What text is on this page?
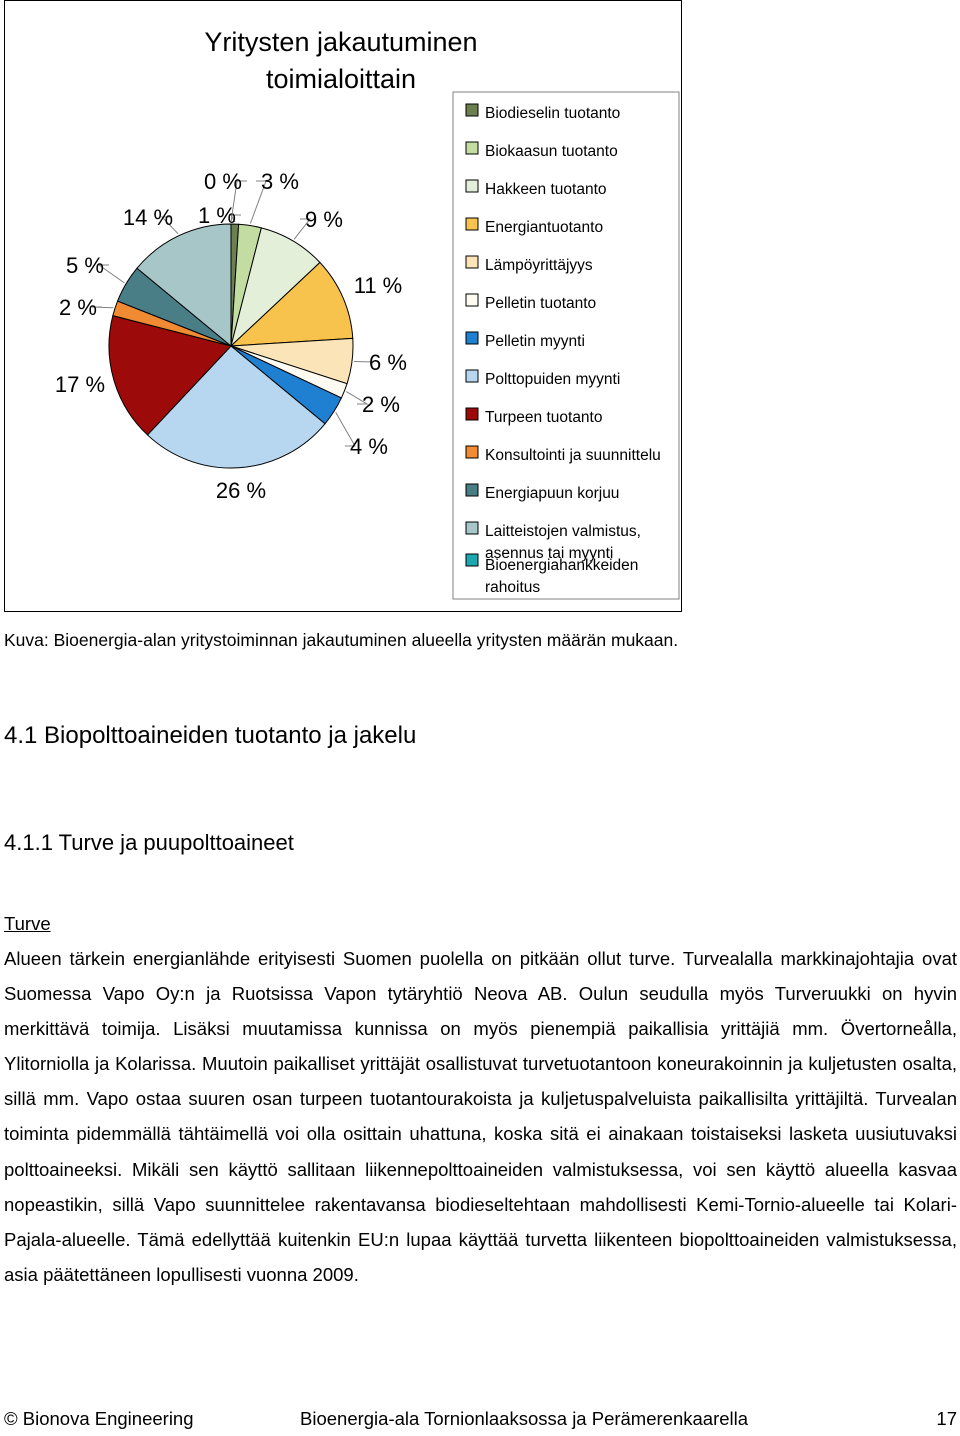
Yritysten jakautuminen
toimialoittain
1 %
3 %
9 %
11 %
6 %
2 %
4 %
26 %
17 %
2 %
5 %
14 %
0 %
Biodieselin tuotanto
Biokaasun tuotanto
Hakkeen tuotanto
Energiantuotanto
Lämpöyrittäjyys
Pelletin tuotanto
Pelletin myynti
Polttopuiden myynti
Turpeen tuotanto
Konsultointi ja suunnittelu
Energiapuun korjuu
Laitteistojen valmistus,
asennus tai myynti
Bioenergiahankkeiden
rahoitus

Kuva: Bioenergia-alan yritystoiminnan jakautuminen alueella yritysten määrän mukaan.

4.1 Biopolttoaineiden tuotanto ja jakelu
4.1.1 Turve ja puupolttoaineet

Turve

Alueen tärkein energianlähde erityisesti Suomen puolella on pitkään ollut turve. Turvealalla markkinajohtajia ovat Suomessa Vapo Oy:n ja Ruotsissa Vapon tytäryhtiö Neova AB. Oulun seudulla myös Turveruukki on hyvin merkittävä toimija. Lisäksi muutamissa kunnissa on myös pienempiä paikallisia yrittäjiä mm. Övertorneålla, Ylitorniolla ja Kolarissa. Muutoin paikalliset yrittäjät osallistuvat turvetuotantoon koneurakoinnin ja kuljetusten osalta, sillä mm. Vapo ostaa suuren osan turpeen tuotantourakoista ja kuljetuspalveluista paikallisilta yrittäjiltä. Turvealan toiminta pidemmällä tähtäimellä voi olla osittain uhattuna, koska sitä ei ainakaan toistaiseksi lasketa uusiutuvaksi polttoaineeksi. Mikäli sen käyttö sallitaan liikennepolttoaineiden valmistuksessa, voi sen käyttö alueella kasvaa nopeastikin, sillä Vapo suunnittelee rakentavansa biodieseltehtaan mahdollisesti Kemi-Tornio-alueelle tai Kolari-Pajala-alueelle. Tämä edellyttää kuitenkin EU:n lupaa käyttää turvetta liikenteen biopolttoaineiden valmistuksessa, asia päätettäneen lopullisesti vuonna 2009.

© Bionova Engineering	Bioenergia-ala Tornionlaaksossa ja Perämerenkaarella	17
